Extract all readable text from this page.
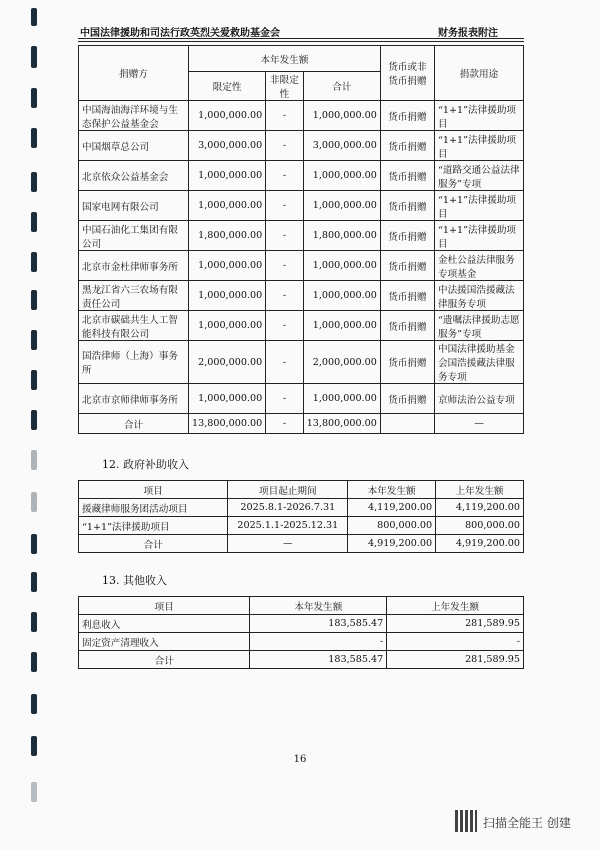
中国法律援助和司法行政英烈关爱救助基金会	财务报表附注
捐赠方	本年发生额			货币或非货币捐赠	捐款用途
	限定性	非限定性	合计		
中国海油海洋环境与生态保护公益基金会	1,000,000.00	-	1,000,000.00	货币捐赠	“1+1”法律援助项目
中国烟草总公司	3,000,000.00	-	3,000,000.00	货币捐赠	“1+1”法律援助项目
北京依众公益基金会	1,000,000.00	-	1,000,000.00	货币捐赠	“道路交通公益法律服务”专项
国家电网有限公司	1,000,000.00	-	1,000,000.00	货币捐赠	“1+1”法律援助项目
中国石油化工集团有限公司	1,800,000.00	-	1,800,000.00	货币捐赠	“1+1”法律援助项目
北京市金杜律师事务所	1,000,000.00	-	1,000,000.00	货币捐赠	金杜公益法律服务专项基金
黑龙江省六三农场有限责任公司	1,000,000.00	-	1,000,000.00	货币捐赠	中法援国浩援藏法律服务专项
北京市碳础共生人工智能科技有限公司	1,000,000.00	-	1,000,000.00	货币捐赠	“遗嘱法律援助志愿服务”专项
国浩律师（上海）事务所	2,000,000.00	-	2,000,000.00	货币捐赠	中国法律援助基金会国浩援藏法律服务专项
北京市京师律师事务所	1,000,000.00	-	1,000,000.00	货币捐赠	京师法治公益专项
合计	13,800,000.00	-	13,800,000.00		—
12. 政府补助收入
项目	项目起止期间	本年发生额	上年发生额
援藏律师服务团活动项目	2025.8.1-2026.7.31	4,119,200.00	4,119,200.00
“1+1”法律援助项目	2025.1.1-2025.12.31	800,000.00	800,000.00
合计	—	4,919,200.00	4,919,200.00
13. 其他收入
项目	本年发生额	上年发生额
利息收入	183,585.47	281,589.95
固定资产清理收入	-	-
合计	183,585.47	281,589.95
16
扫描全能王 创建
